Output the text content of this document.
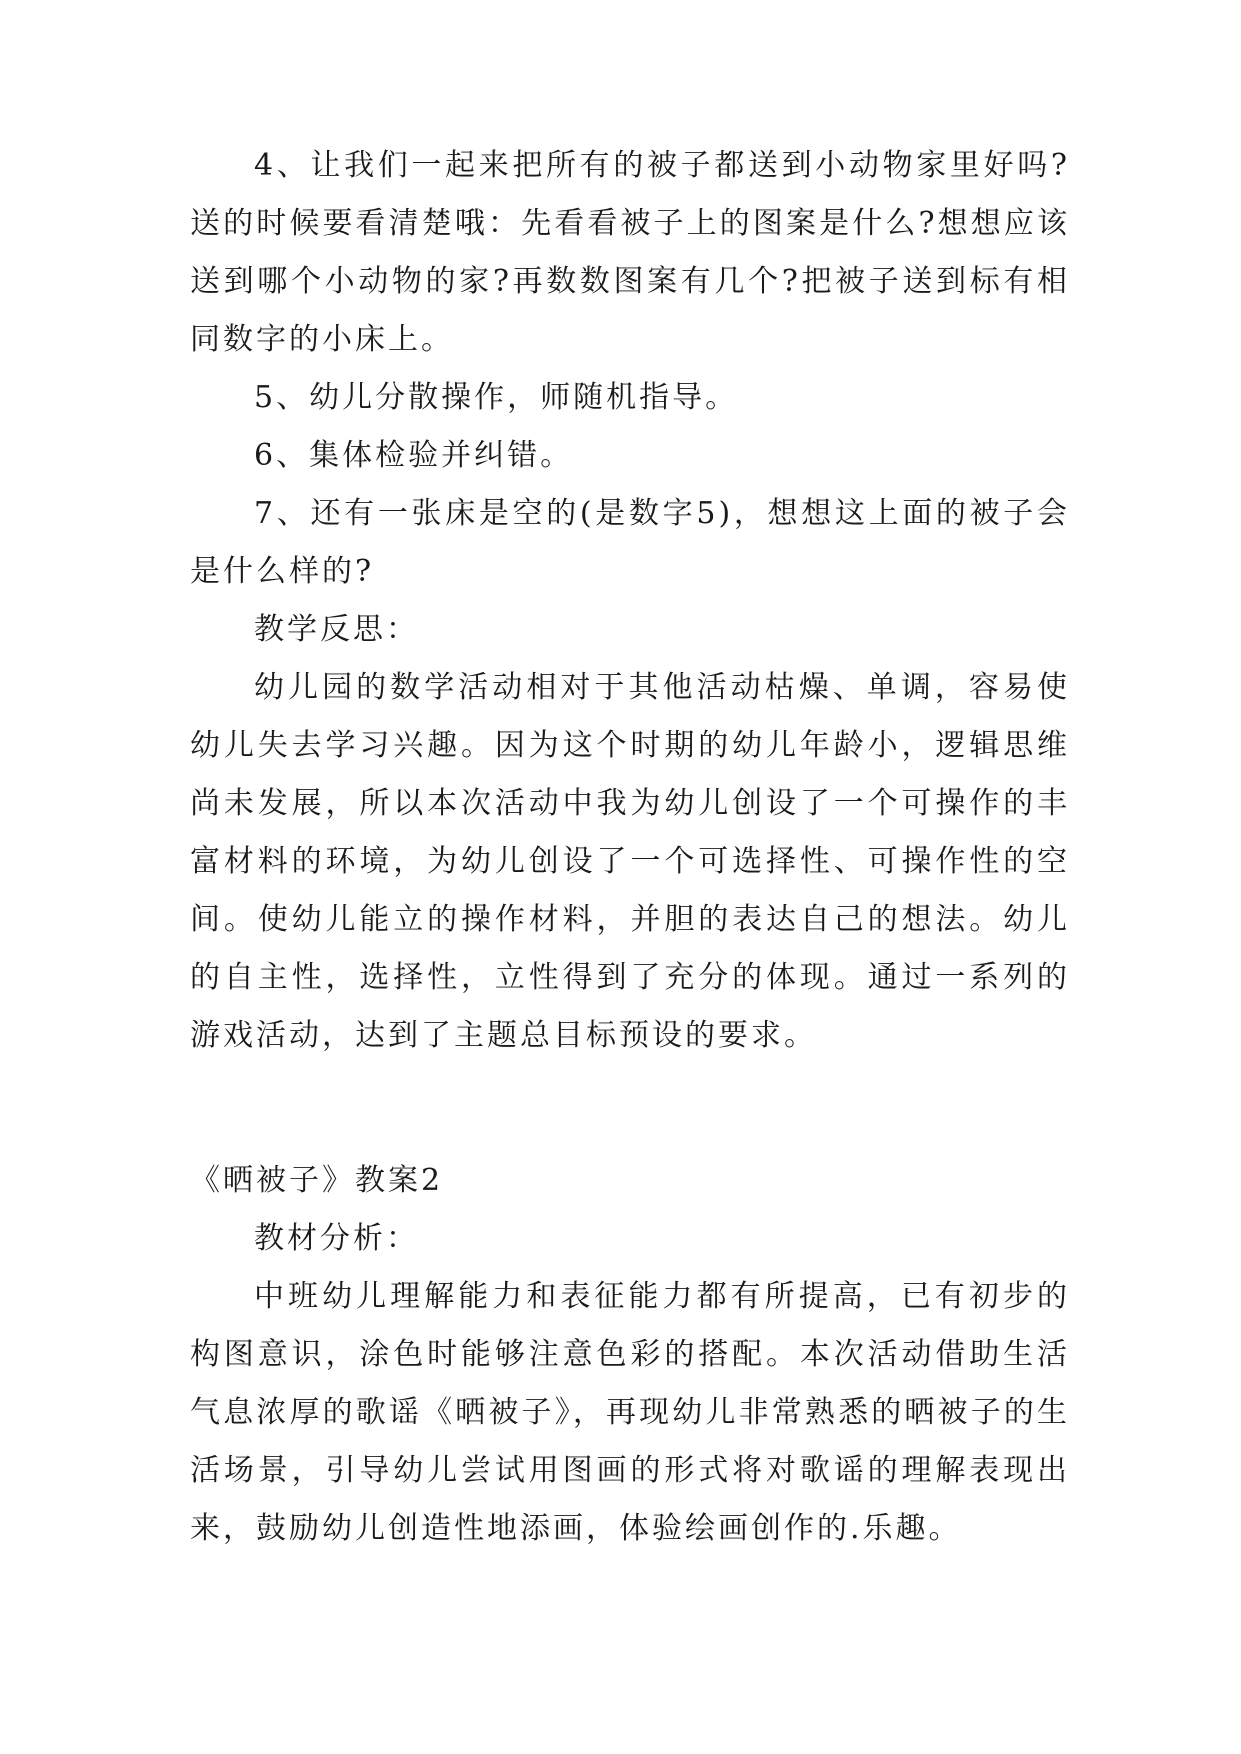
4、让我们一起来把所有的被子都送到小动物家里好吗?送的时候要看清楚哦：先看看被子上的图案是什么?想想应该送到哪个小动物的家?再数数图案有几个?把被子送到标有相同数字的小床上。

5、幼儿分散操作，师随机指导。

6、集体检验并纠错。

7、还有一张床是空的(是数字5)，想想这上面的被子会是什么样的?

教学反思：

幼儿园的数学活动相对于其他活动枯燥、单调，容易使幼儿失去学习兴趣。因为这个时期的幼儿年龄小，逻辑思维尚未发展，所以本次活动中我为幼儿创设了一个可操作的丰富材料的环境，为幼儿创设了一个可选择性、可操作性的空间。使幼儿能立的操作材料，并胆的表达自己的想法。幼儿的自主性，选择性，立性得到了充分的体现。通过一系列的游戏活动，达到了主题总目标预设的要求。

《晒被子》教案2

教材分析：

中班幼儿理解能力和表征能力都有所提高，已有初步的构图意识，涂色时能够注意色彩的搭配。本次活动借助生活气息浓厚的歌谣《晒被子》，再现幼儿非常熟悉的晒被子的生活场景，引导幼儿尝试用图画的形式将对歌谣的理解表现出来，鼓励幼儿创造性地添画，体验绘画创作的.乐趣。
